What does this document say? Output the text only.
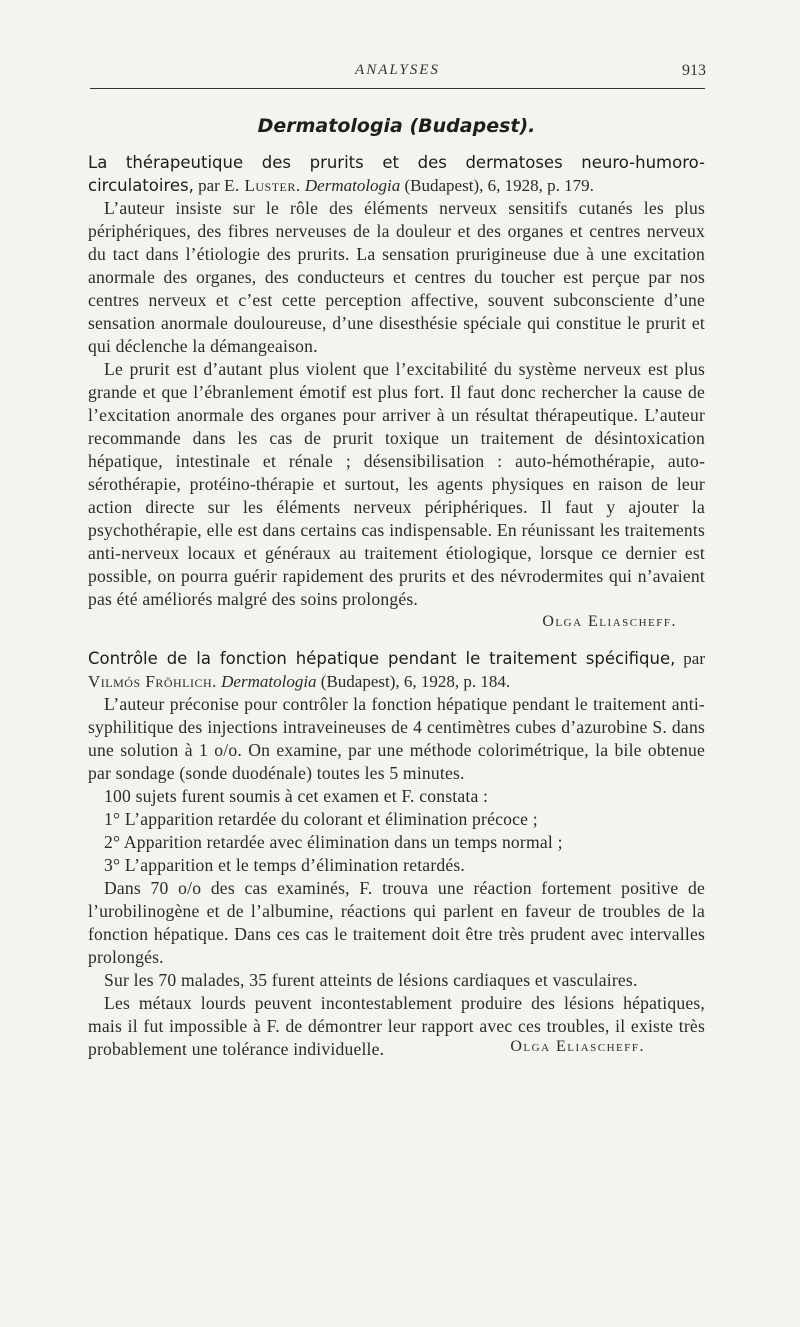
ANALYSES	913
Dermatologia (Budapest).

La thérapeutique des prurits et des dermatoses neuro-humoro-circulatoires, par E. Luster. Dermatologia (Budapest), 6, 1928, p. 179.

L’auteur insiste sur le rôle des éléments nerveux sensitifs cutanés les plus périphériques, des fibres nerveuses de la douleur et des organes et centres nerveux du tact dans l’étiologie des prurits. La sensation prurigineuse due à une excitation anormale des organes, des conducteurs et centres du toucher est perçue par nos centres nerveux et c’est cette perception affective, souvent subconsciente d’une sensation anormale douloureuse, d’une disesthésie spéciale qui constitue le prurit et qui déclenche la démangeaison.

Le prurit est d’autant plus violent que l’excitabilité du système nerveux est plus grande et que l’ébranlement émotif est plus fort. Il faut donc rechercher la cause de l’excitation anormale des organes pour arriver à un résultat thérapeutique. L’auteur recommande dans les cas de prurit toxique un traitement de désintoxication hépatique, intestinale et rénale ; désensibilisation : auto-hémothérapie, auto-sérothérapie, protéino-thérapie et surtout, les agents physiques en raison de leur action directe sur les éléments nerveux périphériques. Il faut y ajouter la psychothérapie, elle est dans certains cas indispensable. En réunissant les traitements anti-nerveux locaux et généraux au traitement étiologique, lorsque ce dernier est possible, on pourra guérir rapidement des prurits et des névrodermites qui n’avaient pas été améliorés malgré des soins prolongés.

Olga Eliascheff.

Contrôle de la fonction hépatique pendant le traitement spécifique, par Vilmós Fröhlich. Dermatologia (Budapest), 6, 1928, p. 184.

L’auteur préconise pour contrôler la fonction hépatique pendant le traitement anti-syphilitique des injections intraveineuses de 4 centimètres cubes d’azurobine S. dans une solution à 1 o/o. On examine, par une méthode colorimétrique, la bile obtenue par sondage (sonde duodénale) toutes les 5 minutes.

100 sujets furent soumis à cet examen et F. constata :

1° L’apparition retardée du colorant et élimination précoce ;

2° Apparition retardée avec élimination dans un temps normal ;

3° L’apparition et le temps d’élimination retardés.

Dans 70 o/o des cas examinés, F. trouva une réaction fortement positive de l’urobilinogène et de l’albumine, réactions qui parlent en faveur de troubles de la fonction hépatique. Dans ces cas le traitement doit être très prudent avec intervalles prolongés.

Sur les 70 malades, 35 furent atteints de lésions cardiaques et vasculaires.

Les métaux lourds peuvent incontestablement produire des lésions hépatiques, mais il fut impossible à F. de démontrer leur rapport avec ces troubles, il existe très probablement une tolérance individuelle.	Olga Eliascheff.
